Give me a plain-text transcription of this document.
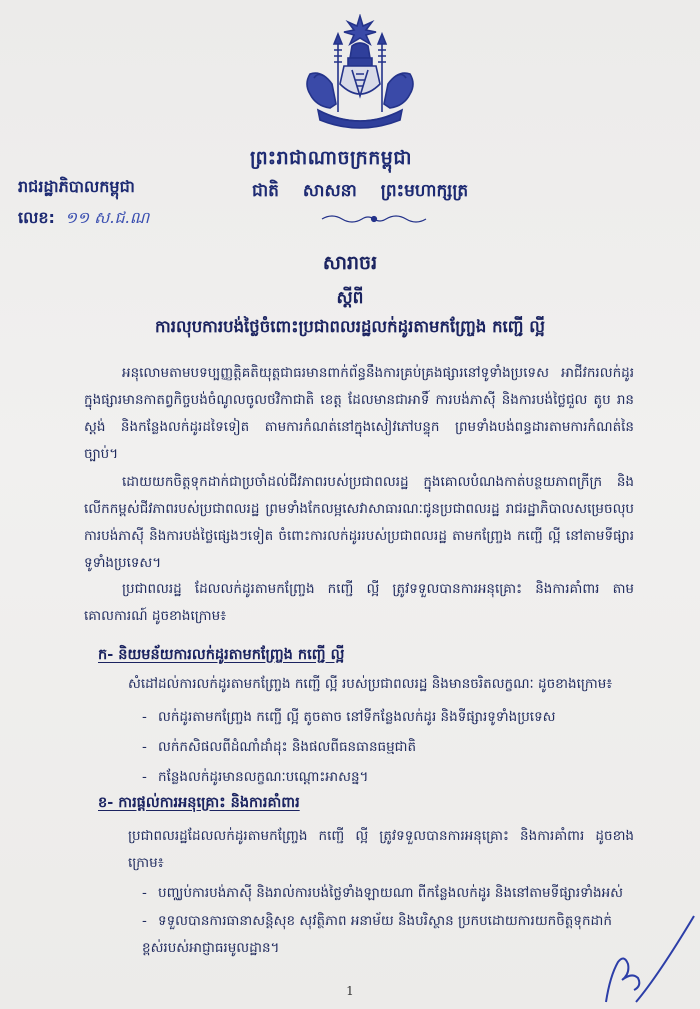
ព្រះរាជាណាចក្រកម្ពុជា
ជាតិ សាសនា ព្រះមហាក្សត្រ
រាជរដ្ឋាភិបាលកម្ពុជា
លេខ: ១១ ស.ជ.ណ
សារាចរ
ស្ដីពី
ការលុបការបង់ថ្លៃចំពោះប្រជាពលរដ្ឋលក់ដូរតាមកញ្ច្រែង កញ្ជើ ល្អី
អនុលោមតាមបទប្បញ្ញត្តិគតិយុត្តជាធរមានពាក់ព័ន្ធនឹងការគ្រប់គ្រងផ្សារនៅទូទាំងប្រទេស អាជីវករលក់ដូរក្នុងផ្សារមានកាតព្វកិច្ចបង់ចំណូលចូលថវិកាជាតិ ខេត្ត ដែលមានជាអាទិ៍ ការបង់ភាស៊ី និងការបង់ថ្លៃជួល តូប រាន ស្ដង់ និងកន្លែងលក់ដូរដទៃទៀត តាមការកំណត់នៅក្នុងសៀវភៅបន្ទុក ព្រមទាំងបង់ពន្ធដារតាមការកំណត់នៃច្បាប់។
ដោយយកចិត្តទុកដាក់ជាប្រចាំដល់ជីវភាពរបស់ប្រជាពលរដ្ឋ ក្នុងគោលបំណងកាត់បន្ថយភាពក្រីក្រ និងលើកកម្ពស់ជីវភាពរបស់ប្រជាពលរដ្ឋ ព្រមទាំងកែលម្អសេវាសាធារណៈជូនប្រជាពលរដ្ឋ រាជរដ្ឋាភិបាលសម្រេចលុបការបង់ភាស៊ី និងការបង់ថ្លៃផ្សេងៗទៀត ចំពោះការលក់ដូររបស់ប្រជាពលរដ្ឋ តាមកញ្ច្រែង កញ្ជើ ល្អី នៅតាមទីផ្សារទូទាំងប្រទេស។
ប្រជាពលរដ្ឋ ដែលលក់ដូរតាមកញ្ច្រែង កញ្ជើ ល្អី ត្រូវទទួលបានការអនុគ្រោះ និងការគាំពារ តាមគោលការណ៍ ដូចខាងក្រោម៖
ក- និយមន័យការលក់ដូរតាមកញ្ច្រែង កញ្ជើ ល្អី
សំដៅដល់ការលក់ដូរតាមកញ្ច្រែង កញ្ជើ ល្អី របស់ប្រជាពលរដ្ឋ និងមានចរិតលក្ខណៈ ដូចខាងក្រោម៖
- លក់ដូរតាមកញ្ច្រែង កញ្ជើ ល្អី តូចតាច នៅទីកន្លែងលក់ដូរ និងទីផ្សារទូទាំងប្រទេស
- លក់កសិផលពីដំណាំដាំដុះ និងផលពីធនធានធម្មជាតិ
- កន្លែងលក់ដូរមានលក្ខណៈបណ្ដោះអាសន្ន។
ខ- ការផ្ដល់ការអនុគ្រោះ និងការគាំពារ
ប្រជាពលរដ្ឋដែលលក់ដូរតាមកញ្ច្រែង កញ្ជើ ល្អី ត្រូវទទួលបានការអនុគ្រោះ និងការគាំពារ ដូចខាងក្រោម៖
- បញ្ឈប់ការបង់ភាស៊ី និងរាល់ការបង់ថ្លៃទាំងឡាយណា ពីកន្លែងលក់ដូរ និងនៅតាមទីផ្សារទាំងអស់
- ទទួលបានការធានាសន្តិសុខ សុវត្ថិភាព អនាម័យ និងបរិស្ថាន ប្រកបដោយការយកចិត្តទុកដាក់ខ្ពស់របស់អាជ្ញាធរមូលដ្ឋាន។
1
